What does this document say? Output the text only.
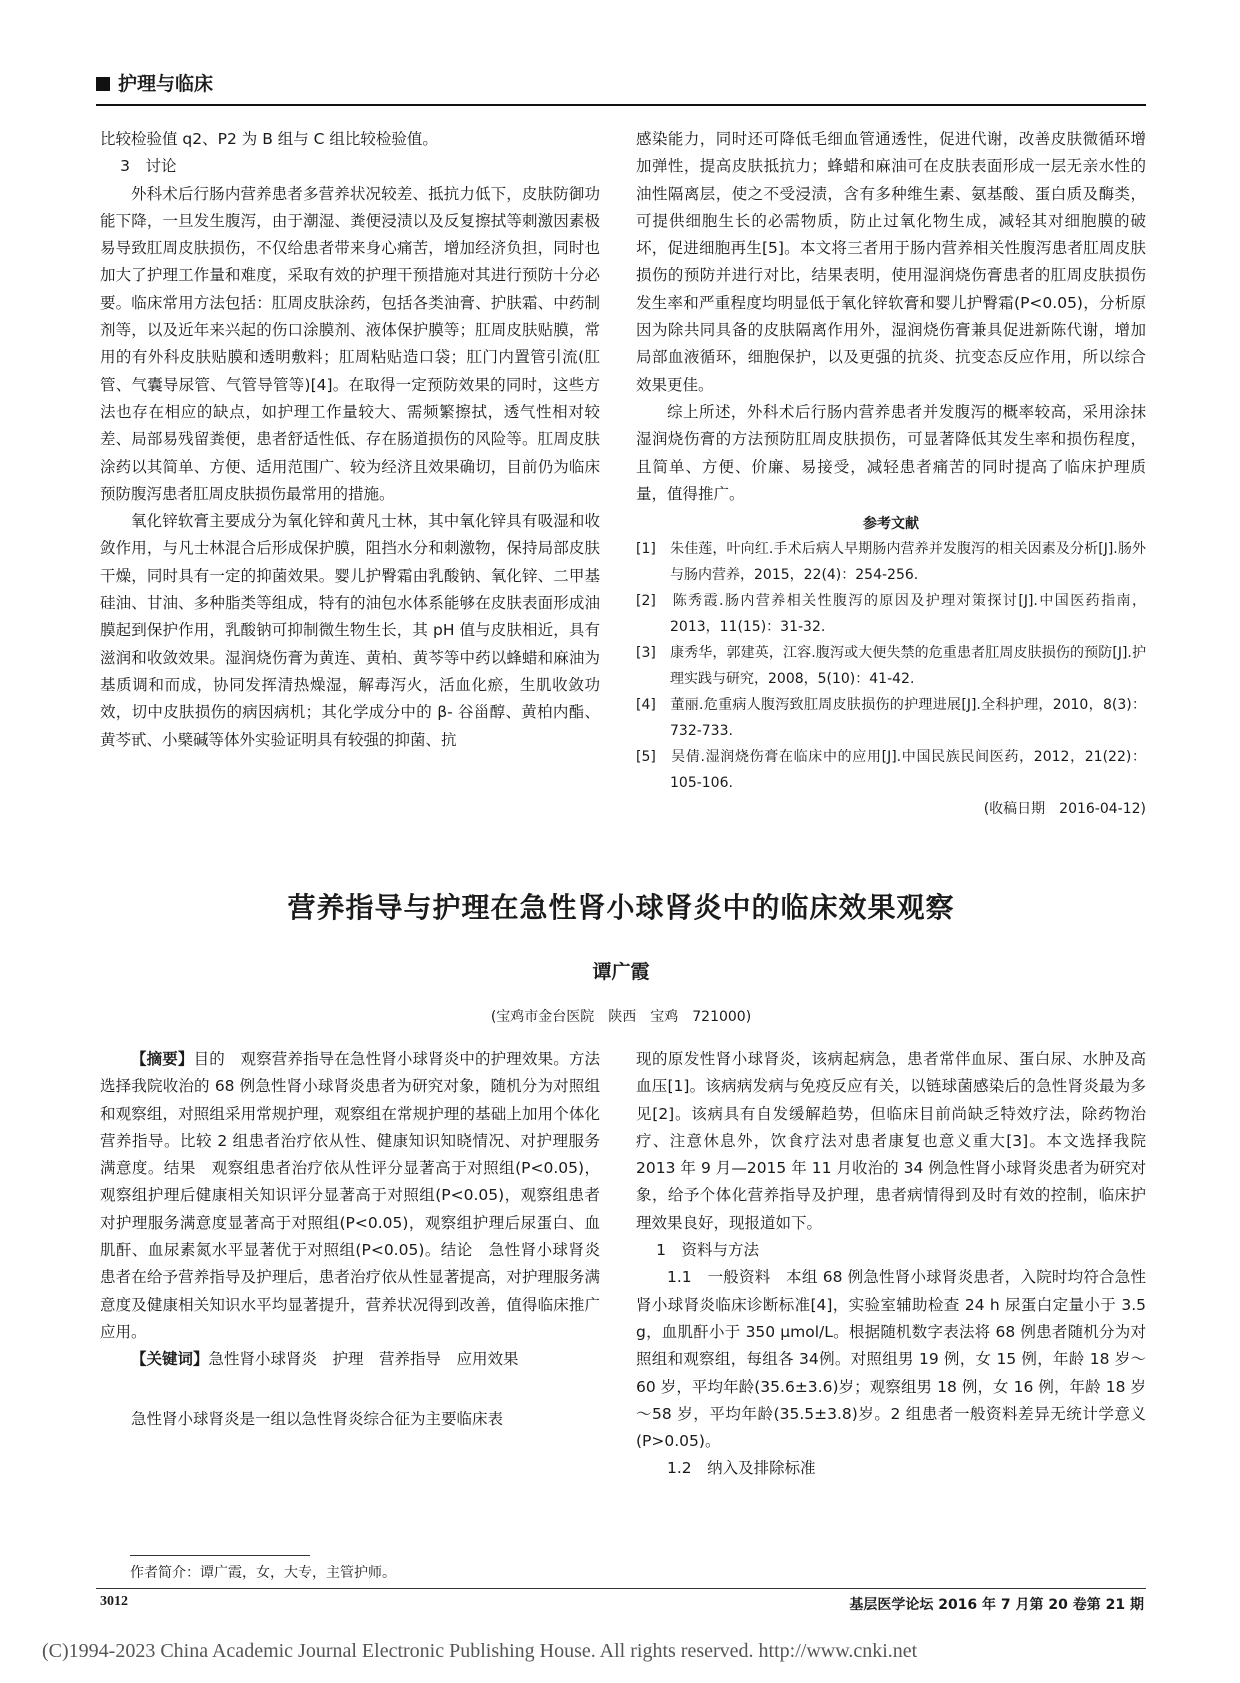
护理与临床

比较检验值 q2、P2 为 B 组与 C 组比较检验值。

3　讨论

外科术后行肠内营养患者多营养状况较差、抵抗力低下，皮肤防御功能下降，一旦发生腹泻，由于潮湿、粪便浸渍以及反复擦拭等刺激因素极易导致肛周皮肤损伤，不仅给患者带来身心痛苦，增加经济负担，同时也加大了护理工作量和难度，采取有效的护理干预措施对其进行预防十分必要。临床常用方法包括：肛周皮肤涂药，包括各类油膏、护肤霜、中药制剂等，以及近年来兴起的伤口涂膜剂、液体保护膜等；肛周皮肤贴膜，常用的有外科皮肤贴膜和透明敷料；肛周粘贴造口袋；肛门内置管引流(肛管、气囊导尿管、气管导管等)[4]。在取得一定预防效果的同时，这些方法也存在相应的缺点，如护理工作量较大、需频繁擦拭，透气性相对较差、局部易残留粪便，患者舒适性低、存在肠道损伤的风险等。肛周皮肤涂药以其简单、方便、适用范围广、较为经济且效果确切，目前仍为临床预防腹泻患者肛周皮肤损伤最常用的措施。

氧化锌软膏主要成分为氧化锌和黄凡士林，其中氧化锌具有吸湿和收敛作用，与凡士林混合后形成保护膜，阻挡水分和刺激物，保持局部皮肤干燥，同时具有一定的抑菌效果。婴儿护臀霜由乳酸钠、氧化锌、二甲基硅油、甘油、多种脂类等组成，特有的油包水体系能够在皮肤表面形成油膜起到保护作用，乳酸钠可抑制微生物生长，其 pH 值与皮肤相近，具有滋润和收敛效果。湿润烧伤膏为黄连、黄柏、黄芩等中药以蜂蜡和麻油为基质调和而成，协同发挥清热燥湿，解毒泻火，活血化瘀，生肌收敛功效，切中皮肤损伤的病因病机；其化学成分中的 β- 谷甾醇、黄柏内酯、黄芩甙、小檗碱等体外实验证明具有较强的抑菌、抗

感染能力，同时还可降低毛细血管通透性，促进代谢，改善皮肤微循环增加弹性，提高皮肤抵抗力；蜂蜡和麻油可在皮肤表面形成一层无亲水性的油性隔离层，使之不受浸渍，含有多种维生素、氨基酸、蛋白质及酶类，可提供细胞生长的必需物质，防止过氧化物生成，减轻其对细胞膜的破坏，促进细胞再生[5]。本文将三者用于肠内营养相关性腹泻患者肛周皮肤损伤的预防并进行对比，结果表明，使用湿润烧伤膏患者的肛周皮肤损伤发生率和严重程度均明显低于氧化锌软膏和婴儿护臀霜(P<0.05)，分析原因为除共同具备的皮肤隔离作用外，湿润烧伤膏兼具促进新陈代谢，增加局部血液循环，细胞保护，以及更强的抗炎、抗变态反应作用，所以综合效果更佳。

综上所述，外科术后行肠内营养患者并发腹泻的概率较高，采用涂抹湿润烧伤膏的方法预防肛周皮肤损伤，可显著降低其发生率和损伤程度，且简单、方便、价廉、易接受，减轻患者痛苦的同时提高了临床护理质量，值得推广。

参考文献

[1]　朱佳莲，叶向红.手术后病人早期肠内营养并发腹泻的相关因素及分析[J].肠外与肠内营养，2015，22(4)：254-256.

[2]　陈秀霞.肠内营养相关性腹泻的原因及护理对策探讨[J].中国医药指南，2013，11(15)：31-32.

[3]　康秀华，郭建英，江容.腹泻或大便失禁的危重患者肛周皮肤损伤的预防[J].护理实践与研究，2008，5(10)：41-42.

[4]　董丽.危重病人腹泻致肛周皮肤损伤的护理进展[J].全科护理，2010，8(3)：732-733.

[5]　吴倩.湿润烧伤膏在临床中的应用[J].中国民族民间医药，2012，21(22)：105-106.

(收稿日期　2016-04-12)

营养指导与护理在急性肾小球肾炎中的临床效果观察
谭广霞
(宝鸡市金台医院　陕西　宝鸡　721000)

【摘要】目的　观察营养指导在急性肾小球肾炎中的护理效果。方法　选择我院收治的 68 例急性肾小球肾炎患者为研究对象，随机分为对照组和观察组，对照组采用常规护理，观察组在常规护理的基础上加用个体化营养指导。比较 2 组患者治疗依从性、健康知识知晓情况、对护理服务满意度。结果　观察组患者治疗依从性评分显著高于对照组(P<0.05)，观察组护理后健康相关知识评分显著高于对照组(P<0.05)，观察组患者对护理服务满意度显著高于对照组(P<0.05)，观察组护理后尿蛋白、血肌酐、血尿素氮水平显著优于对照组(P<0.05)。结论　急性肾小球肾炎患者在给予营养指导及护理后，患者治疗依从性显著提高，对护理服务满意度及健康相关知识水平均显著提升，营养状况得到改善，值得临床推广应用。

【关键词】急性肾小球肾炎　护理　营养指导　应用效果

急性肾小球肾炎是一组以急性肾炎综合征为主要临床表

现的原发性肾小球肾炎，该病起病急，患者常伴血尿、蛋白尿、水肿及高血压[1]。该病病发病与免疫反应有关，以链球菌感染后的急性肾炎最为多见[2]。该病具有自发缓解趋势，但临床目前尚缺乏特效疗法，除药物治疗、注意休息外，饮食疗法对患者康复也意义重大[3]。本文选择我院 2013 年 9 月—2015 年 11 月收治的 34 例急性肾小球肾炎患者为研究对象，给予个体化营养指导及护理，患者病情得到及时有效的控制，临床护理效果良好，现报道如下。

1　资料与方法

1.1　一般资料　本组 68 例急性肾小球肾炎患者，入院时均符合急性肾小球肾炎临床诊断标准[4]，实验室辅助检查 24 h 尿蛋白定量小于 3.5 g，血肌酐小于 350 μmol/L。根据随机数字表法将 68 例患者随机分为对照组和观察组，每组各 34例。对照组男 19 例，女 15 例，年龄 18 岁～60 岁，平均年龄(35.6±3.6)岁；观察组男 18 例，女 16 例，年龄 18 岁～58 岁，平均年龄(35.5±3.8)岁。2 组患者一般资料差异无统计学意义(P>0.05)。

1.2　纳入及排除标准

作者简介：谭广霞，女，大专，主管护师。
3012	基层医学论坛 2016 年 7 月第 20 卷第 21 期
(C)1994-2023 China Academic Journal Electronic Publishing House. All rights reserved. http://www.cnki.net
